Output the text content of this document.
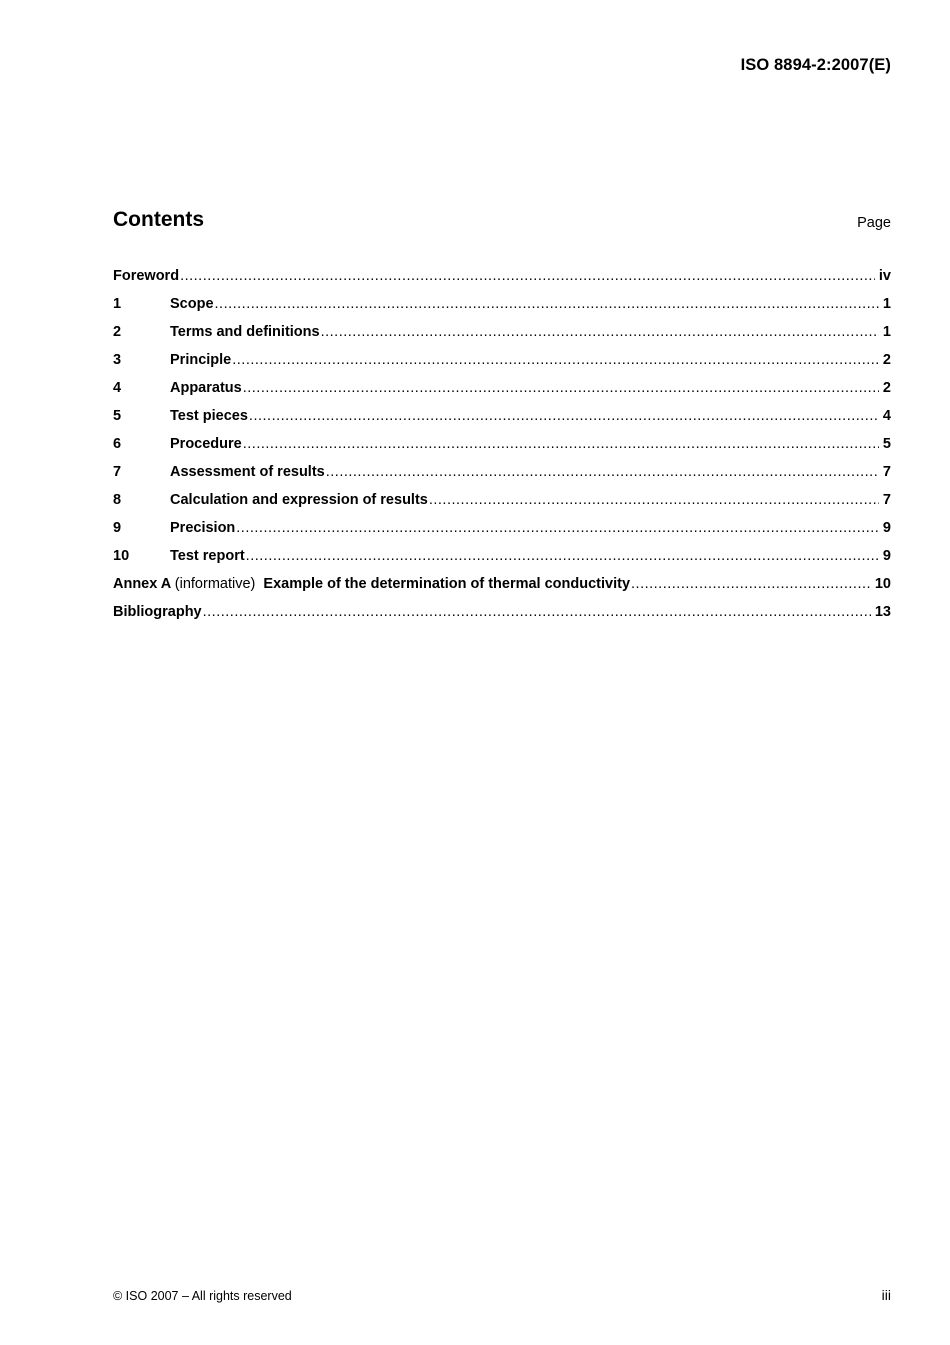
ISO 8894-2:2007(E)
Contents	Page
Foreword .....	iv
1	Scope .....	1
2	Terms and definitions .....	1
3	Principle .....	2
4	Apparatus .....	2
5	Test pieces .....	4
6	Procedure .....	5
7	Assessment of results .....	7
8	Calculation and expression of results .....	7
9	Precision .....	9
10	Test report .....	9
Annex A (informative) Example of the determination of thermal conductivity .....	10
Bibliography .....	13
© ISO 2007 – All rights reserved	iii
